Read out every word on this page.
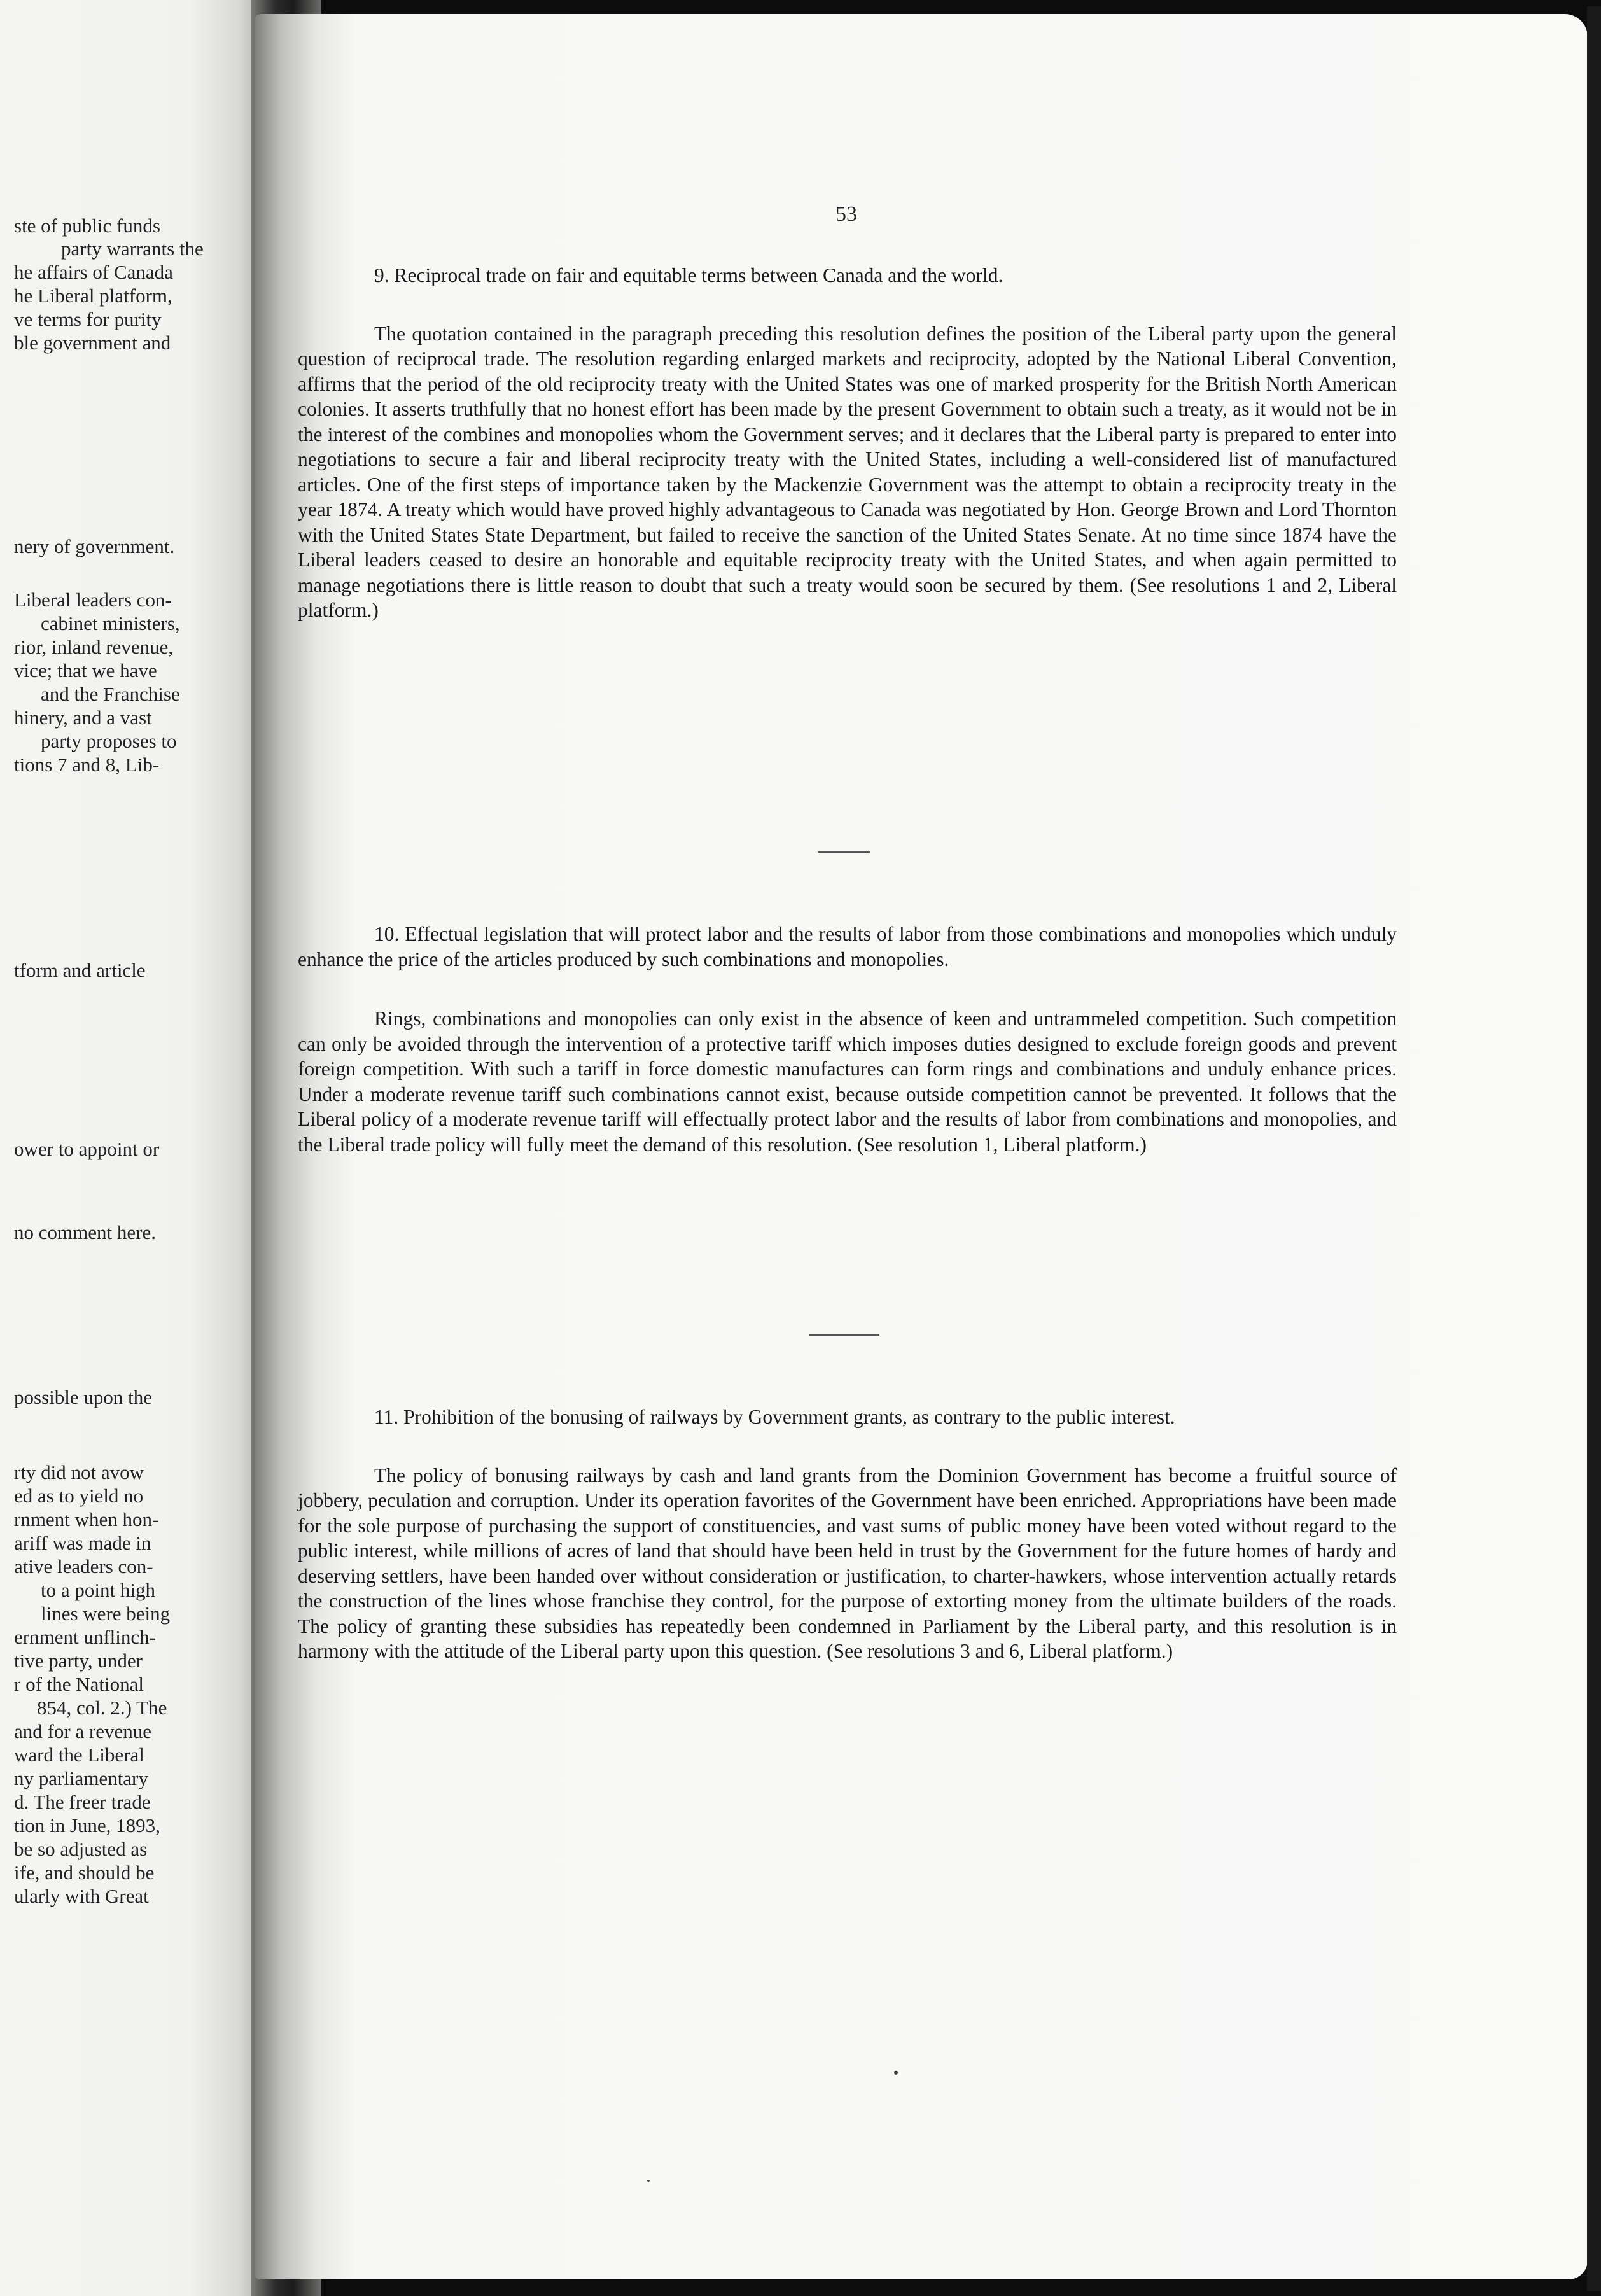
ste of public funds
party warrants the
he affairs of Canada
he Liberal platform,
ve terms for purity
ble government and
nery of government.
Liberal leaders con-
cabinet ministers,
rior, inland revenue,
vice; that we have
and the Franchise
hinery, and a vast
party proposes to
tions 7 and 8, Lib-
tform and article
ower to appoint or
no comment here.
possible upon the
rty did not avow
ed as to yield no
rnment when hon-
ariff was made in
ative leaders con-
to a point high
lines were being
ernment unflinch-
tive party, under
r of the National
854, col. 2.) The
and for a revenue
ward the Liberal
ny parliamentary
d. The freer trade
tion in June, 1893,
be so adjusted as
ife, and should be
ularly with Great
53

9. Reciprocal trade on fair and equitable terms between Canada and the world.

The quotation contained in the paragraph preceding this resolution defines the position of the Liberal party upon the general question of reciprocal trade. The resolution regarding enlarged markets and reciprocity, adopted by the National Liberal Convention, affirms that the period of the old reciprocity treaty with the United States was one of marked prosperity for the British North American colonies. It asserts truthfully that no honest effort has been made by the present Government to obtain such a treaty, as it would not be in the interest of the combines and monopolies whom the Government serves; and it declares that the Liberal party is prepared to enter into negotiations to secure a fair and liberal reciprocity treaty with the United States, including a well-considered list of manufactured articles. One of the first steps of importance taken by the Mackenzie Government was the attempt to obtain a reciprocity treaty in the year 1874. A treaty which would have proved highly advantageous to Canada was negotiated by Hon. George Brown and Lord Thornton with the United States State Department, but failed to receive the sanction of the United States Senate. At no time since 1874 have the Liberal leaders ceased to desire an honorable and equitable reciprocity treaty with the United States, and when again permitted to manage negotiations there is little reason to doubt that such a treaty would soon be secured by them. (See resolutions 1 and 2, Liberal platform.)

10. Effectual legislation that will protect labor and the results of labor from those combinations and monopolies which unduly enhance the price of the articles produced by such combinations and monopolies.

Rings, combinations and monopolies can only exist in the absence of keen and untrammeled competition. Such competition can only be avoided through the intervention of a protective tariff which imposes duties designed to exclude foreign goods and prevent foreign competition. With such a tariff in force domestic manufactures can form rings and combinations and unduly enhance prices. Under a moderate revenue tariff such combinations cannot exist, because outside competition cannot be prevented. It follows that the Liberal policy of a moderate revenue tariff will effectually protect labor and the results of labor from combinations and monopolies, and the Liberal trade policy will fully meet the demand of this resolution. (See resolution 1, Liberal platform.)

11. Prohibition of the bonusing of railways by Government grants, as contrary to the public interest.

The policy of bonusing railways by cash and land grants from the Dominion Government has become a fruitful source of jobbery, peculation and corruption. Under its operation favorites of the Government have been enriched. Appropriations have been made for the sole purpose of purchasing the support of constituencies, and vast sums of public money have been voted without regard to the public interest, while millions of acres of land that should have been held in trust by the Government for the future homes of hardy and deserving settlers, have been handed over without consideration or justification, to charter-hawkers, whose intervention actually retards the construction of the lines whose franchise they control, for the purpose of extorting money from the ultimate builders of the roads. The policy of granting these subsidies has repeatedly been condemned in Parliament by the Liberal party, and this resolution is in harmony with the attitude of the Liberal party upon this question. (See resolutions 3 and 6, Liberal platform.)
